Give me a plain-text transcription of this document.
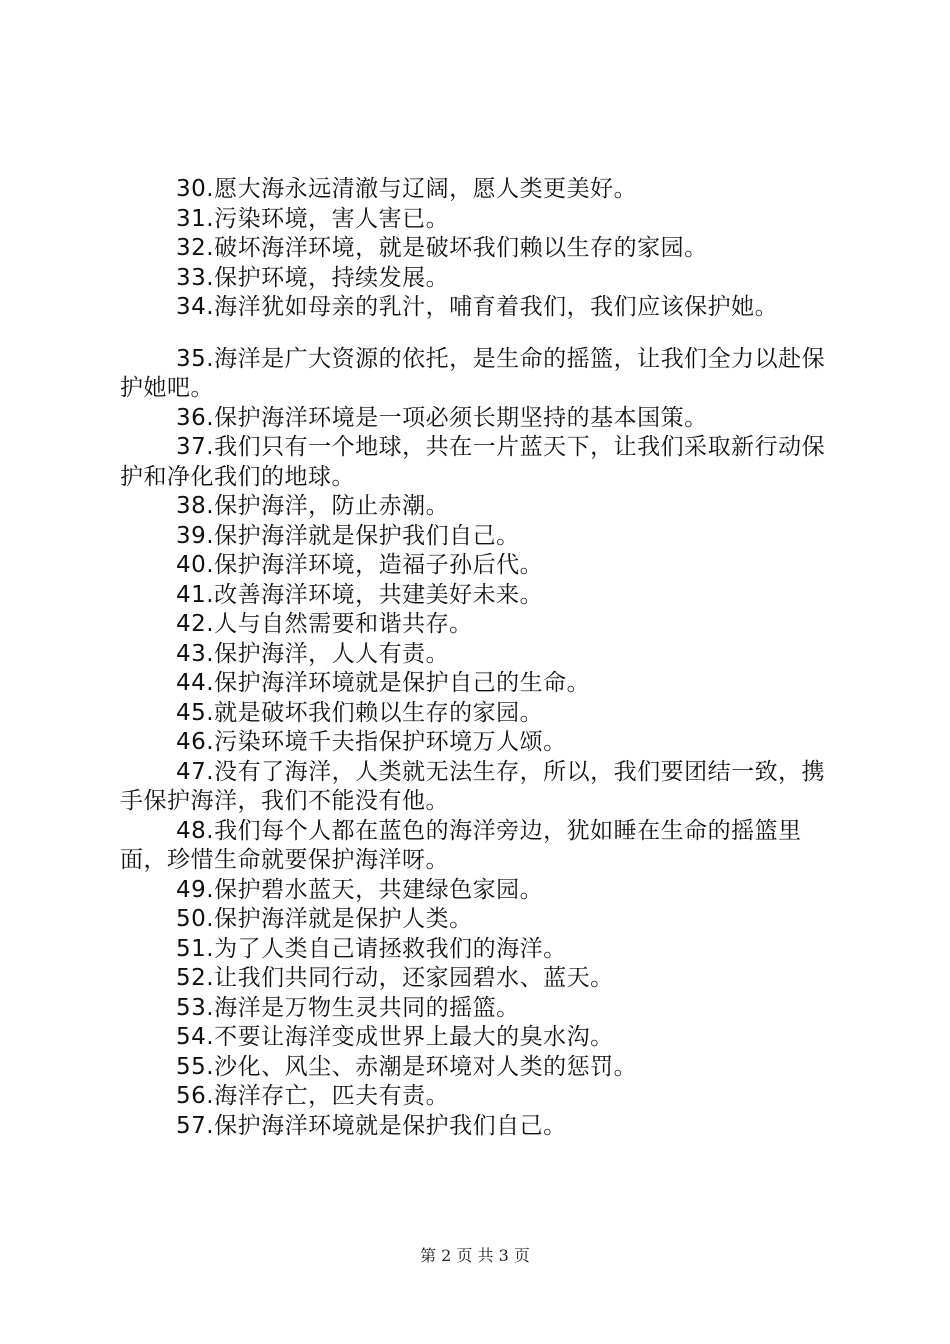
30.愿大海永远清澈与辽阔，愿人类更美好。
31.污染环境，害人害已。
32.破坏海洋环境，就是破坏我们赖以生存的家园。
33.保护环境，持续发展。
34.海洋犹如母亲的乳汁，哺育着我们，我们应该保护她。
35.海洋是广大资源的依托，是生命的摇篮，让我们全力以赴保护她吧。
36.保护海洋环境是一项必须长期坚持的基本国策。
37.我们只有一个地球，共在一片蓝天下，让我们采取新行动保护和净化我们的地球。
38.保护海洋，防止赤潮。
39.保护海洋就是保护我们自己。
40.保护海洋环境，造福子孙后代。
41.改善海洋环境，共建美好未来。
42.人与自然需要和谐共存。
43.保护海洋，人人有责。
44.保护海洋环境就是保护自己的生命。
45.就是破坏我们赖以生存的家园。
46.污染环境千夫指保护环境万人颂。
47.没有了海洋，人类就无法生存，所以，我们要团结一致，携手保护海洋，我们不能没有他。
48.我们每个人都在蓝色的海洋旁边，犹如睡在生命的摇篮里面，珍惜生命就要保护海洋呀。
49.保护碧水蓝天，共建绿色家园。
50.保护海洋就是保护人类。
51.为了人类自己请拯救我们的海洋。
52.让我们共同行动，还家园碧水、蓝天。
53.海洋是万物生灵共同的摇篮。
54.不要让海洋变成世界上最大的臭水沟。
55.沙化、风尘、赤潮是环境对人类的惩罚。
56.海洋存亡，匹夫有责。
57.保护海洋环境就是保护我们自己。
第 2 页 共 3 页
